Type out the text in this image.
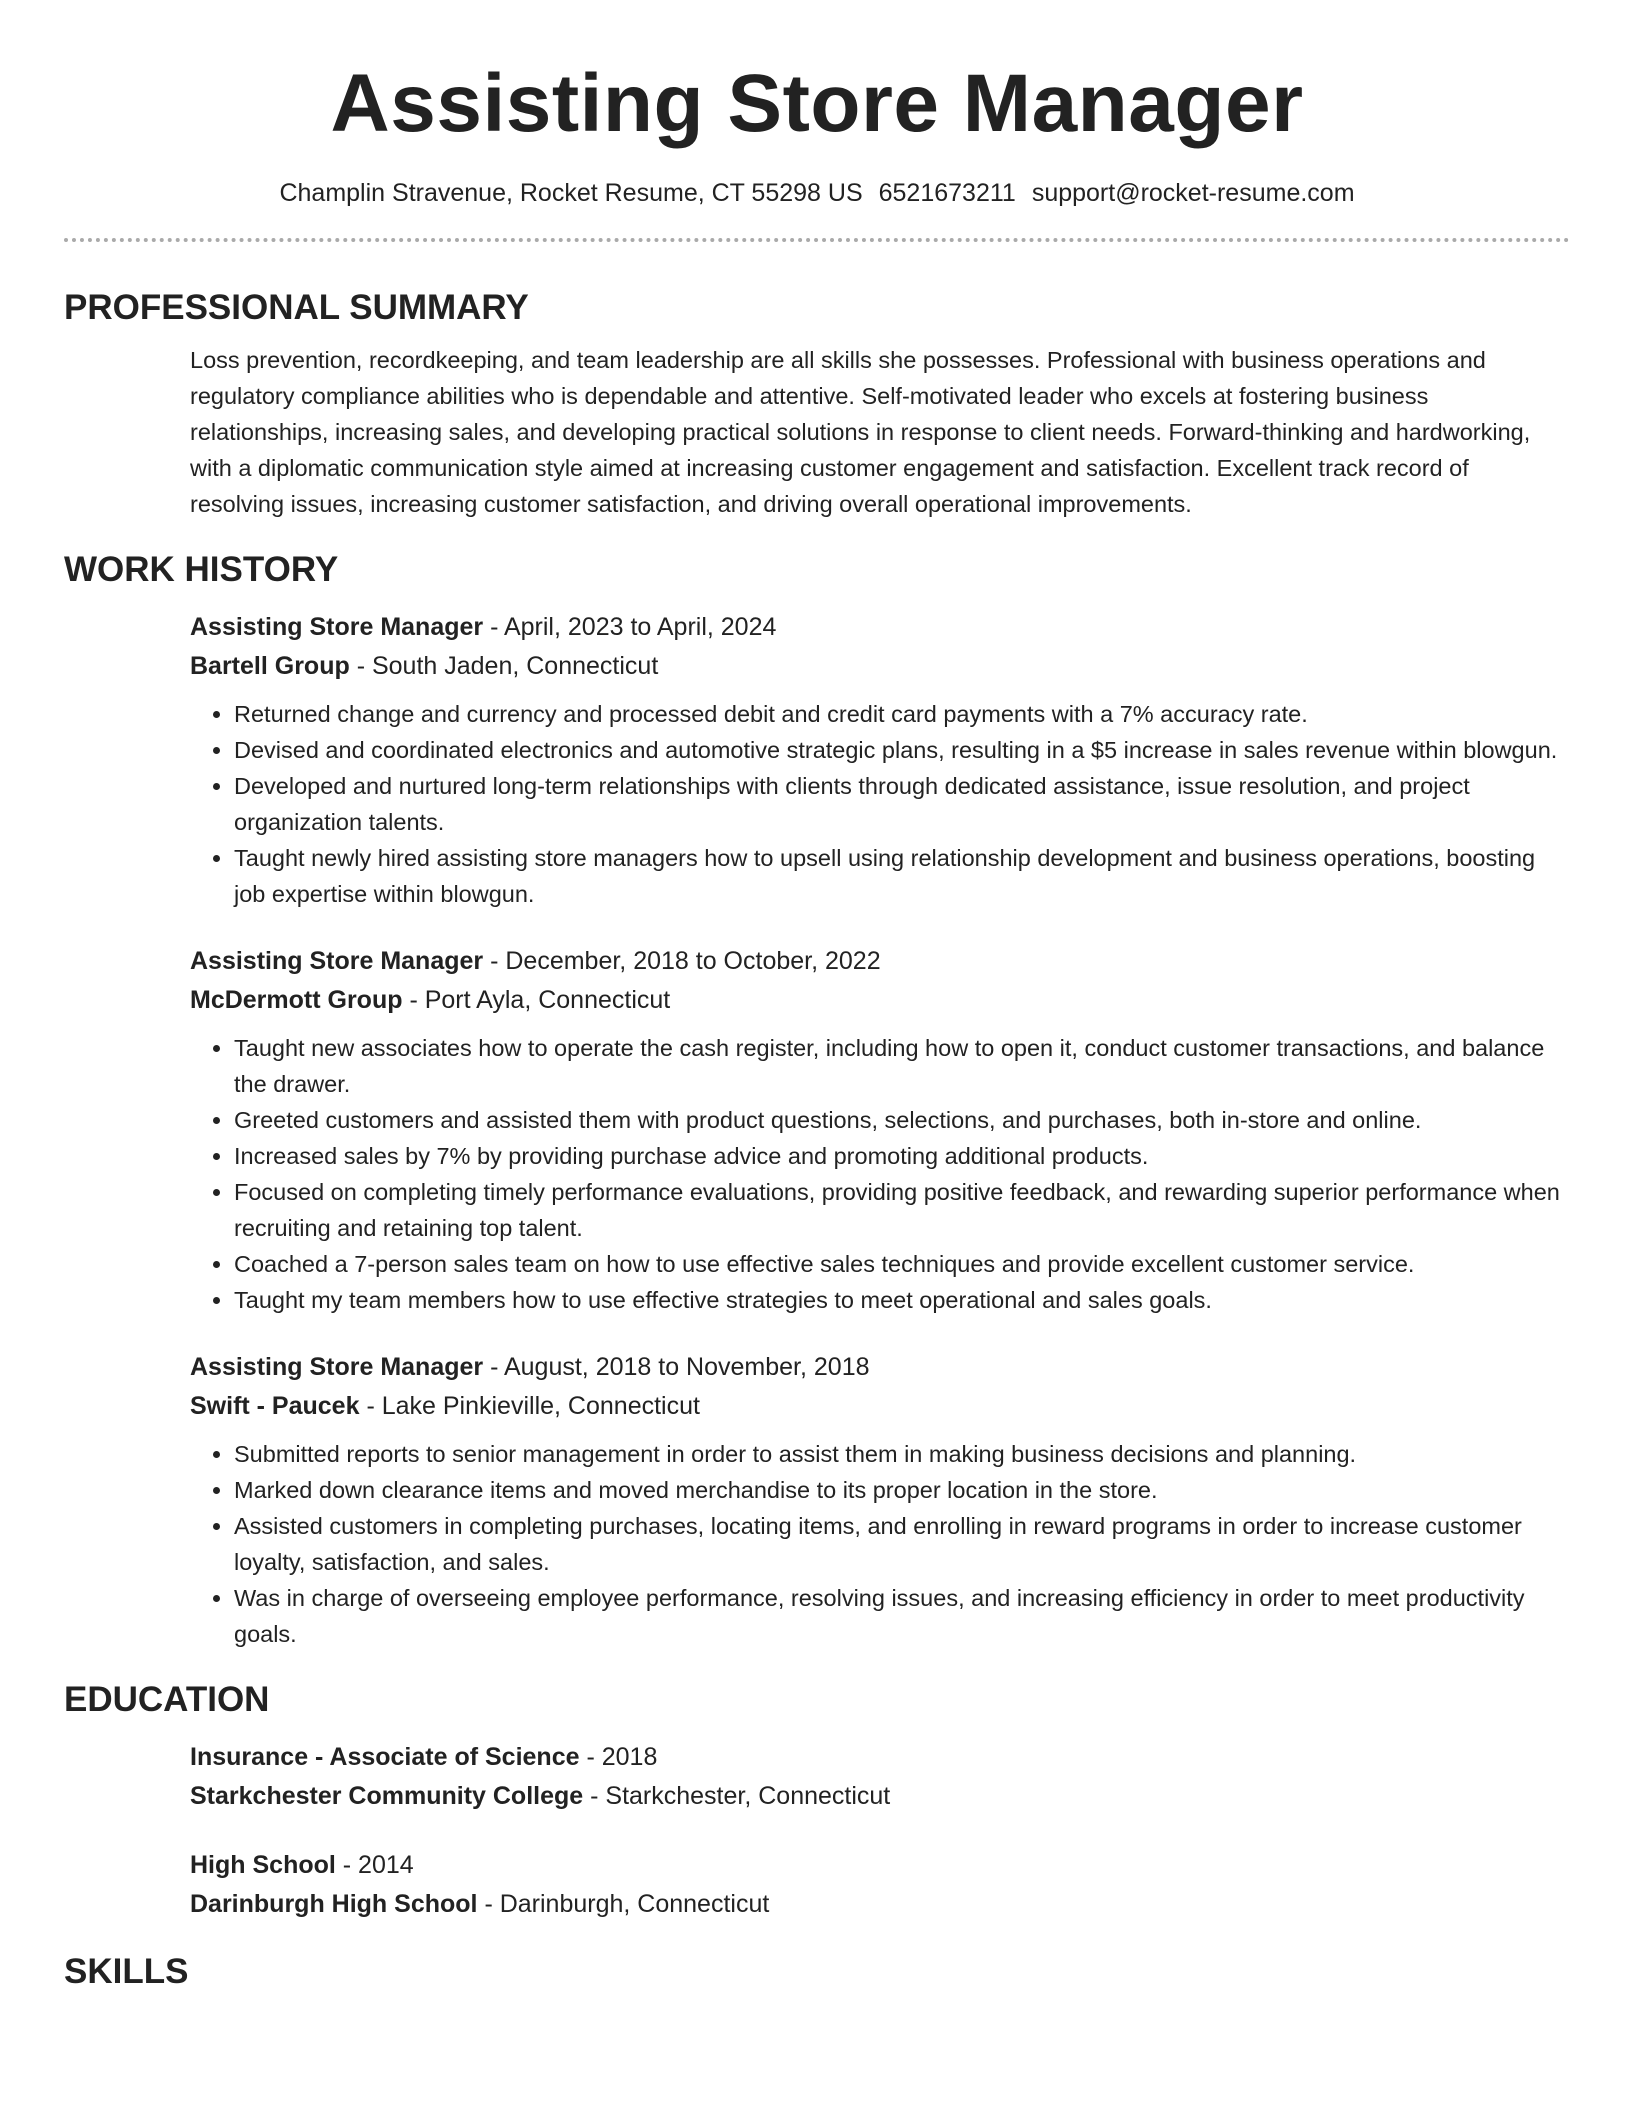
Assisting Store Manager
Champlin Stravenue, Rocket Resume, CT 55298 US 6521673211 support@rocket-resume.com
PROFESSIONAL SUMMARY

Loss prevention, recordkeeping, and team leadership are all skills she possesses. Professional with business operations and regulatory compliance abilities who is dependable and attentive. Self-motivated leader who excels at fostering business relationships, increasing sales, and developing practical solutions in response to client needs. Forward-thinking and hardworking, with a diplomatic communication style aimed at increasing customer engagement and satisfaction. Excellent track record of resolving issues, increasing customer satisfaction, and driving overall operational improvements.

WORK HISTORY
Assisting Store Manager - April, 2023 to April, 2024
Bartell Group - South Jaden, Connecticut
• Returned change and currency and processed debit and credit card payments with a 7% accuracy rate.
• Devised and coordinated electronics and automotive strategic plans, resulting in a $5 increase in sales revenue within blowgun.
• Developed and nurtured long-term relationships with clients through dedicated assistance, issue resolution, and project organization talents.
• Taught newly hired assisting store managers how to upsell using relationship development and business operations, boosting job expertise within blowgun.
Assisting Store Manager - December, 2018 to October, 2022
McDermott Group - Port Ayla, Connecticut
• Taught new associates how to operate the cash register, including how to open it, conduct customer transactions, and balance the drawer.
• Greeted customers and assisted them with product questions, selections, and purchases, both in-store and online.
• Increased sales by 7% by providing purchase advice and promoting additional products.
• Focused on completing timely performance evaluations, providing positive feedback, and rewarding superior performance when recruiting and retaining top talent.
• Coached a 7-person sales team on how to use effective sales techniques and provide excellent customer service.
• Taught my team members how to use effective strategies to meet operational and sales goals.
Assisting Store Manager - August, 2018 to November, 2018
Swift - Paucek - Lake Pinkieville, Connecticut
• Submitted reports to senior management in order to assist them in making business decisions and planning.
• Marked down clearance items and moved merchandise to its proper location in the store.
• Assisted customers in completing purchases, locating items, and enrolling in reward programs in order to increase customer loyalty, satisfaction, and sales.
• Was in charge of overseeing employee performance, resolving issues, and increasing efficiency in order to meet productivity goals.
EDUCATION
Insurance - Associate of Science - 2018
Starkchester Community College - Starkchester, Connecticut
High School - 2014
Darinburgh High School - Darinburgh, Connecticut
SKILLS
